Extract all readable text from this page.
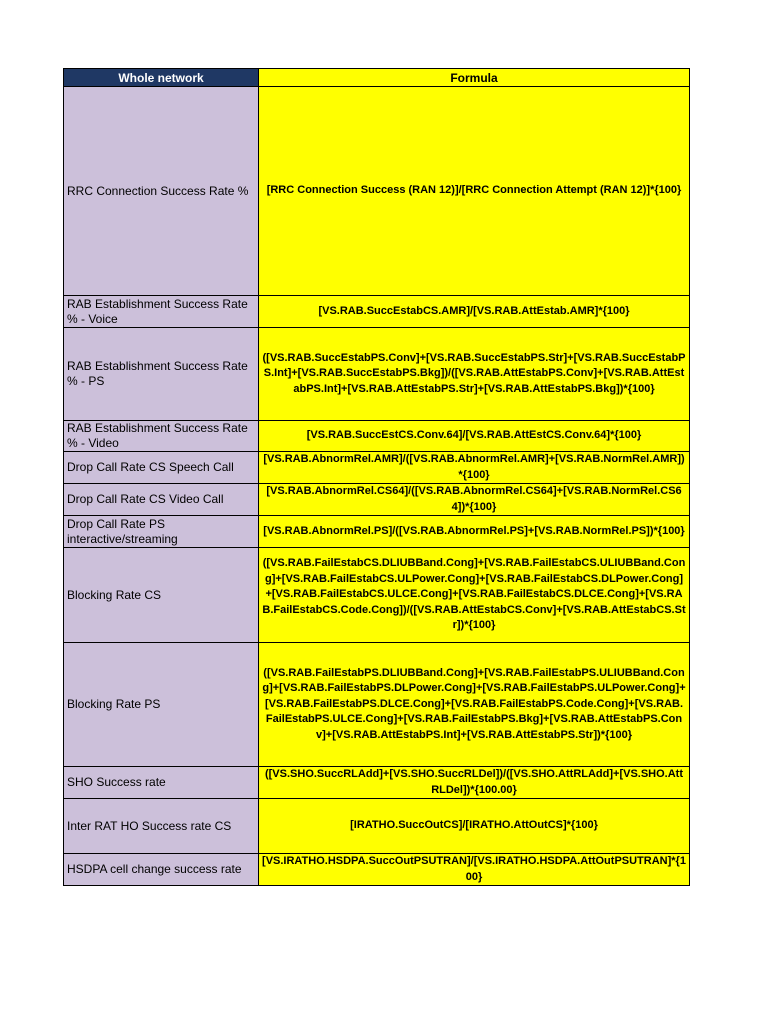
Whole network	Formula
RRC Connection Success Rate %	[RRC Connection Success (RAN 12)]/[RRC Connection Attempt (RAN 12)]*{100}
RAB Establishment Success Rate % - Voice	[VS.RAB.SuccEstabCS.AMR]/[VS.RAB.AttEstab.AMR]*{100}
RAB Establishment Success Rate % - PS	([VS.RAB.SuccEstabPS.Conv]+[VS.RAB.SuccEstabPS.Str]+[VS.RAB.SuccEstabPS.Int]+[VS.RAB.SuccEstabPS.Bkg])/([VS.RAB.AttEstabPS.Conv]+[VS.RAB.AttEstabPS.Int]+[VS.RAB.AttEstabPS.Str]+[VS.RAB.AttEstabPS.Bkg])*{100}
RAB Establishment Success Rate % - Video	[VS.RAB.SuccEstCS.Conv.64]/[VS.RAB.AttEstCS.Conv.64]*{100}
Drop Call Rate CS Speech Call	[VS.RAB.AbnormRel.AMR]/([VS.RAB.AbnormRel.AMR]+[VS.RAB.NormRel.AMR])*{100}
Drop Call Rate CS Video Call	[VS.RAB.AbnormRel.CS64]/([VS.RAB.AbnormRel.CS64]+[VS.RAB.NormRel.CS64])*{100}
Drop Call Rate PS interactive/streaming	[VS.RAB.AbnormRel.PS]/([VS.RAB.AbnormRel.PS]+[VS.RAB.NormRel.PS])*{100}
Blocking Rate CS	([VS.RAB.FailEstabCS.DLIUBBand.Cong]+[VS.RAB.FailEstabCS.ULIUBBand.Cong]+[VS.RAB.FailEstabCS.ULPower.Cong]+[VS.RAB.FailEstabCS.DLPower.Cong]+[VS.RAB.FailEstabCS.ULCE.Cong]+[VS.RAB.FailEstabCS.DLCE.Cong]+[VS.RAB.FailEstabCS.Code.Cong])/([VS.RAB.AttEstabCS.Conv]+[VS.RAB.AttEstabCS.Str])*{100}
Blocking Rate PS	([VS.RAB.FailEstabPS.DLIUBBand.Cong]+[VS.RAB.FailEstabPS.ULIUBBand.Cong]+[VS.RAB.FailEstabPS.DLPower.Cong]+[VS.RAB.FailEstabPS.ULPower.Cong]+[VS.RAB.FailEstabPS.DLCE.Cong]+[VS.RAB.FailEstabPS.Code.Cong]+[VS.RAB.FailEstabPS.ULCE.Cong]+[VS.RAB.FailEstabPS.Bkg]+[VS.RAB.AttEstabPS.Conv]+[VS.RAB.AttEstabPS.Int]+[VS.RAB.AttEstabPS.Str])*{100}
SHO Success rate	([VS.SHO.SuccRLAdd]+[VS.SHO.SuccRLDel])/([VS.SHO.AttRLAdd]+[VS.SHO.AttRLDel])*{100.00}
Inter RAT HO Success rate CS	[IRATHO.SuccOutCS]/[IRATHO.AttOutCS]*{100}
HSDPA cell change success rate	[VS.IRATHO.HSDPA.SuccOutPSUTRAN]/[VS.IRATHO.HSDPA.AttOutPSUTRAN]*{100}
